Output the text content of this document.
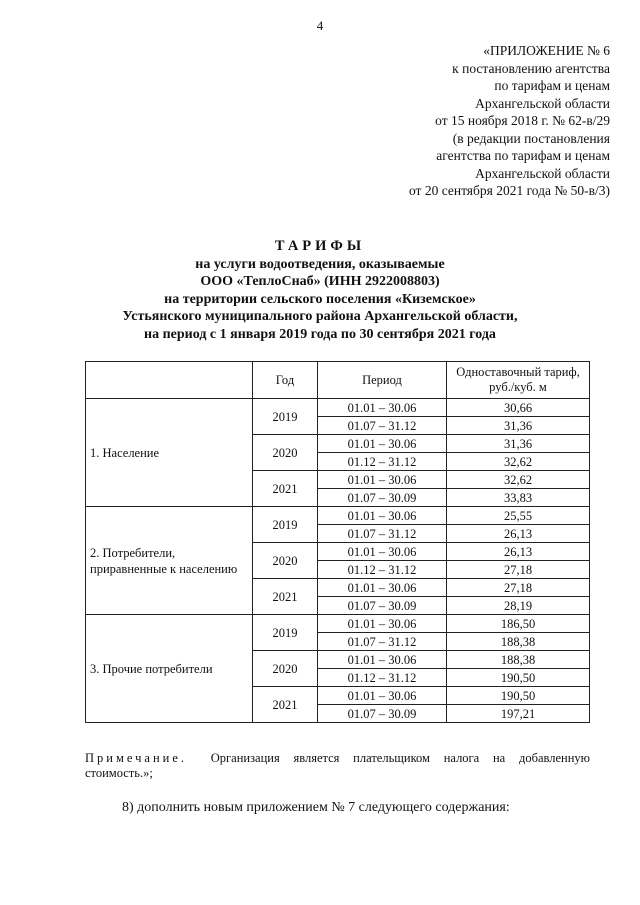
4
«ПРИЛОЖЕНИЕ № 6
к постановлению агентства
по тарифам и ценам
Архангельской области
от 15 ноября 2018 г. № 62-в/29
(в редакции постановления
агентства по тарифам и ценам
Архангельской области
от 20 сентября 2021 года № 50-в/3)
ТАРИФЫ
на услуги водоотведения, оказываемые
ООО «ТеплоСнаб» (ИНН 2922008803)
на территории сельского поселения «Киземское»
Устьянского муниципального района Архангельской области,
на период с 1 января 2019 года по 30 сентября 2021 года
	Год	Период	Одноставочный тариф, руб./куб. м
1. Население	2019	01.01 – 30.06	30,66
		01.07 – 31.12	31,36
	2020	01.01 – 30.06	31,36
		01.12 – 31.12	32,62
	2021	01.01 – 30.06	32,62
		01.07 – 30.09	33,83
2. Потребители, приравненные к населению	2019	01.01 – 30.06	25,55
		01.07 – 31.12	26,13
	2020	01.01 – 30.06	26,13
		01.12 – 31.12	27,18
	2021	01.01 – 30.06	27,18
		01.07 – 30.09	28,19
3. Прочие потребители	2019	01.01 – 30.06	186,50
		01.07 – 31.12	188,38
	2020	01.01 – 30.06	188,38
		01.12 – 31.12	190,50
	2021	01.01 – 30.06	190,50
		01.07 – 30.09	197,21
Примечание. Организация является плательщиком налога на добавленную стоимость.»;
8) дополнить новым приложением № 7 следующего содержания:
